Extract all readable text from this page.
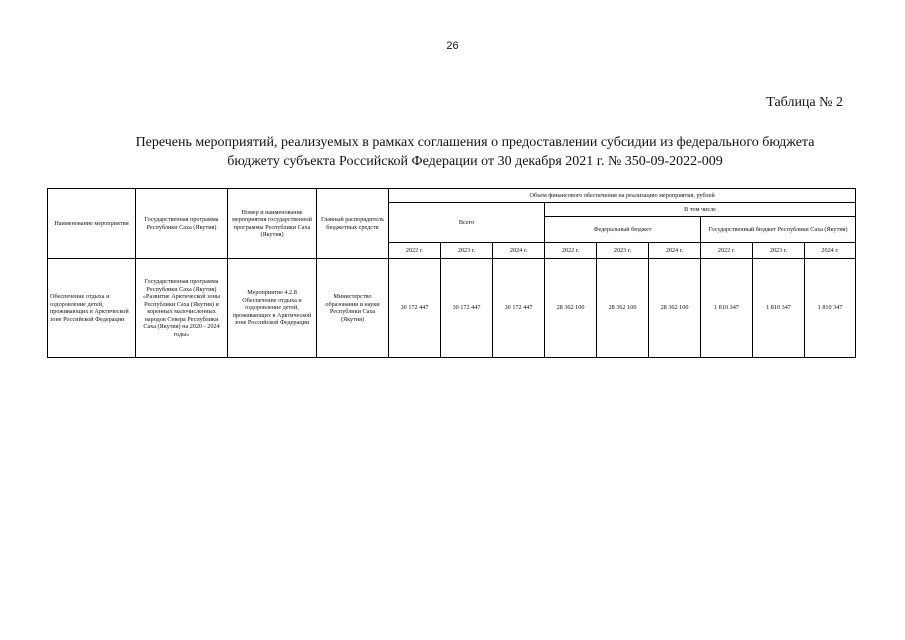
26
Таблица № 2
Перечень мероприятий, реализуемых в рамках соглашения о предоставлении субсидии из федерального бюджета
бюджету субъекта Российской Федерации от 30 декабря 2021 г. № 350-09-2022-009
Наименование мероприятия	Государственная программа Республики Саха (Якутия)	Номер и наименование мероприятия государственной программы Республики Саха (Якутия)	Главный распорядитель бюджетных средств	Объем финансового обеспечения на реализацию мероприятия, рублей								
				Всего			В том числе					
							Федеральный бюджет			Государственный бюджет Республики Саха (Якутия)		
				2022 г.	2023 г.	2024 г.	2022 г.	2023 г.	2024 г.	2022 г.	2023 г.	2024 г.
Обеспечение отдыха и оздоровление детей, проживающих в Арктической зоне Российской Федерации	Государственная программа Республики Саха (Якутия) «Развитие Арктической зоны Республики Саха (Якутия) и коренных малочисленных народов Севера Республики Саха (Якутия) на 2020 - 2024 годы»	Мероприятие 4.2.8 Обеспечение отдыха и оздоровление детей, проживающих в Арктической зоне Российской Федерации	Министерство образования и науки Республики Саха (Якутия)	30 172 447	30 172 447	30 172 447	28 362 100	28 362 100	28 362 100	1 810 347	1 810 347	1 810 347
